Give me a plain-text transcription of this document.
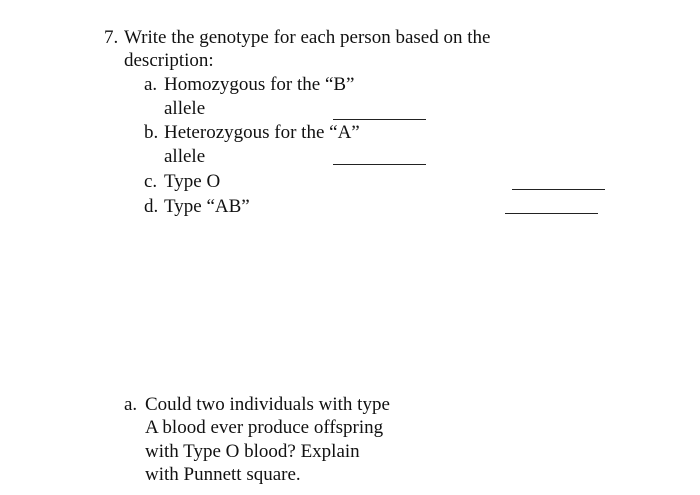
7. Write the genotype for each person based on the
description:
a. Homozygous for the “B”
allele
b. Heterozygous for the “A”
allele
c. Type O
d. Type “AB”
a. Could two individuals with type
A blood ever produce offspring
with Type O blood? Explain
with Punnett square.
